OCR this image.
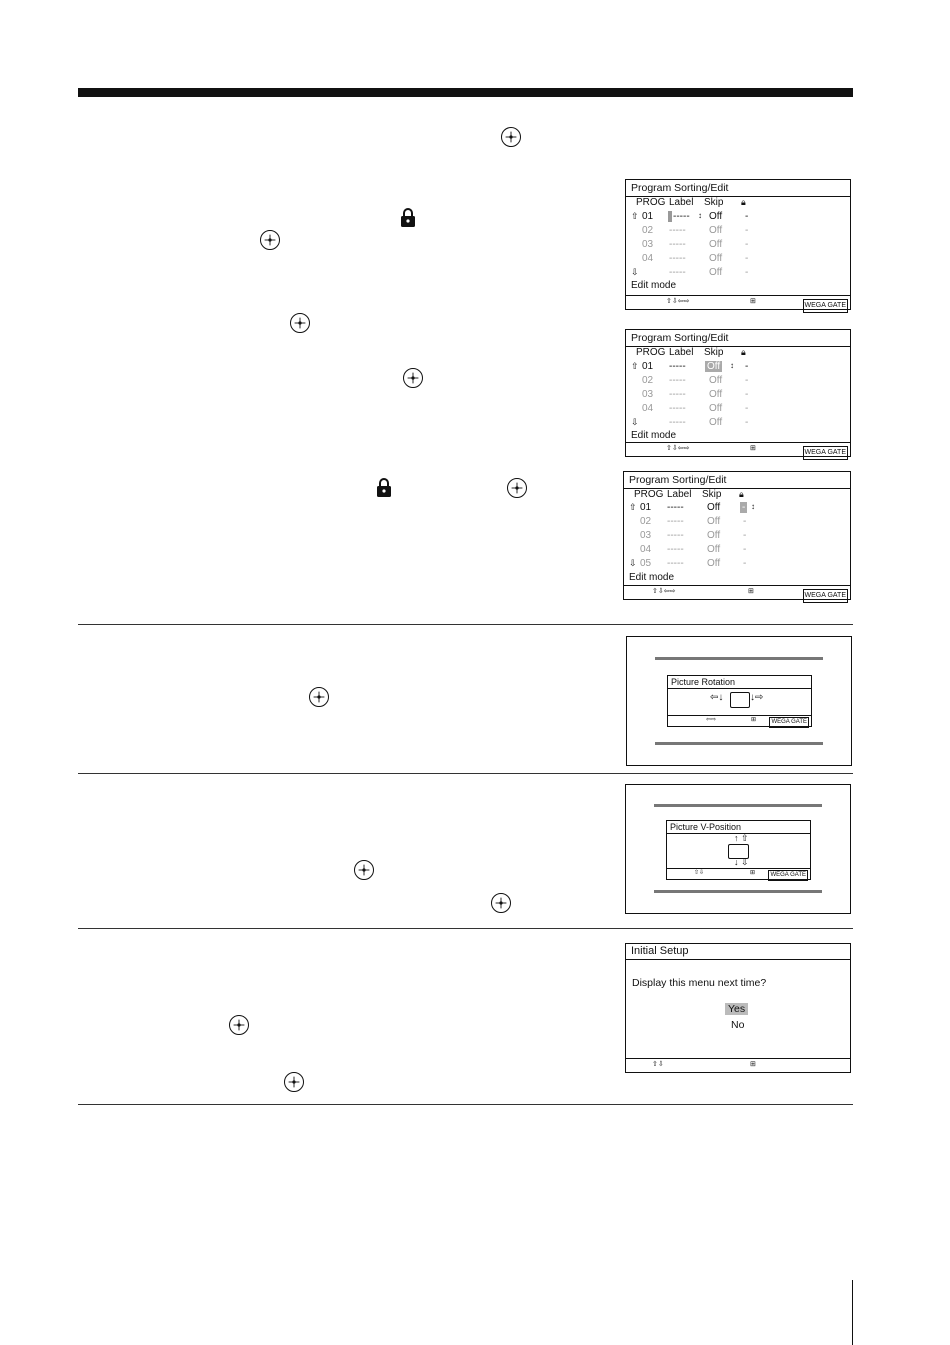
Program Sorting/Edit
PROG Label Skip 🔒︎
⇧ 01	----- ↕ Off -
02 ----- Off -
03 ----- Off -
04 ----- Off -
⇩	----- Off -
Edit mode
⇧⇩⇦⇨	⊞
WEGA GATE
Program Sorting/Edit
PROG Label Skip 🔒︎
⇧ 01 ----- Off ↕ -
02 ----- Off -
03 ----- Off -
04 ----- Off -
⇩	----- Off -
Edit mode
⇧⇩⇦⇨	⊞
WEGA GATE
Program Sorting/Edit
PROG Label Skip 🔒︎
⇧ 01 ----- Off - ↕
02 ----- Off -
03 ----- Off -
04 ----- Off -
⇩ 05 ----- Off -
Edit mode
⇧⇩⇦⇨	⊞
WEGA GATE
Picture Rotation
⇦↓	↓⇨
⇦⇨	⊞	WEGA GATE
Picture V-Position
↑ ⇧
↓ ⇩
⇧⇩	⊞	WEGA GATE
Initial Setup
Display this menu next time?
Yes
No
⇧⇩	⊞
